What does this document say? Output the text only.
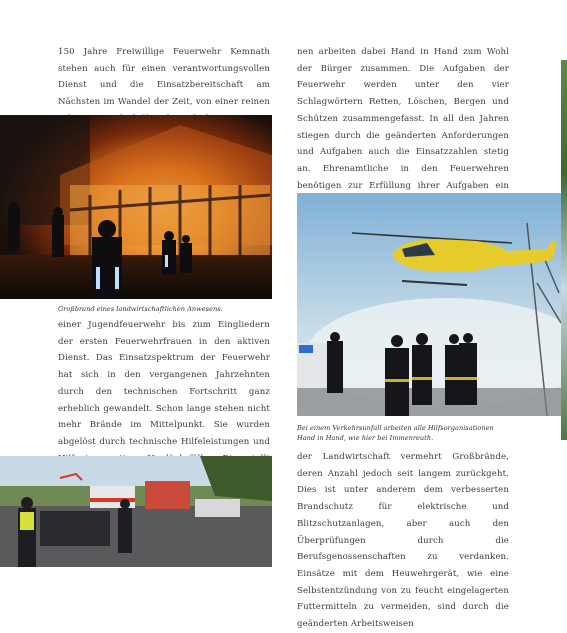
150 Jahre Freiwillige Feuerwehr Kemnath stehen auch für einen verantwortungsvollen Dienst und die Einsatzbereitschaft am Nächsten im Wandel der Zeit, von einer reinen

Großbrand eines landwirtschaftlichen Anwesens.

einer Jugendfeuerwehr bis zum Eingliedern der ersten Feuerwehrfrauen in den aktiven Dienst. Das Einsatzspektrum der Feuerwehr hat sich in den vergangenen Jahrzehnten durch den technischen Fortschritt ganz erheblich gewandelt. Schon lange stehen nicht mehr Brände im Mittelpunkt. Sie wurden abgelöst durch technische Hilfeleistungen und

nen arbeiten dabei Hand in Hand zum Wohl der Bürger zusammen. Die Aufgaben der Feuerwehr werden unter den vier Schlagwörtern Retten, Löschen, Bergen und Schützen zusammengefasst. In all den Jahren stiegen durch die geänderten Anforderungen und Aufgaben auch die Einsatzzahlen stetig an. Ehrenamtliche in den Feuerwehren benötigen zur Erfüllung ihrer Aufgaben ein

Bei einem Verkehrsunfall arbeiten alle Hilfsorganisationen Hand in Hand, wie hier bei Immenreuth.

der Landwirtschaft vermehrt Großbrände, deren Anzahl jedoch seit langem zurückgeht. Dies ist unter anderem dem verbesserten Brandschutz für elektrische und Blitzschutzanlagen, aber auch den Überprüfungen durch die Berufsgenossenschaften zu verdanken. Einsätze mit dem Heuwehrgerät, wie eine Selbstentzündung von zu feucht eingelagerten Futtermitteln zu vermeiden, sind durch die geänderten Arbeitsweisen
